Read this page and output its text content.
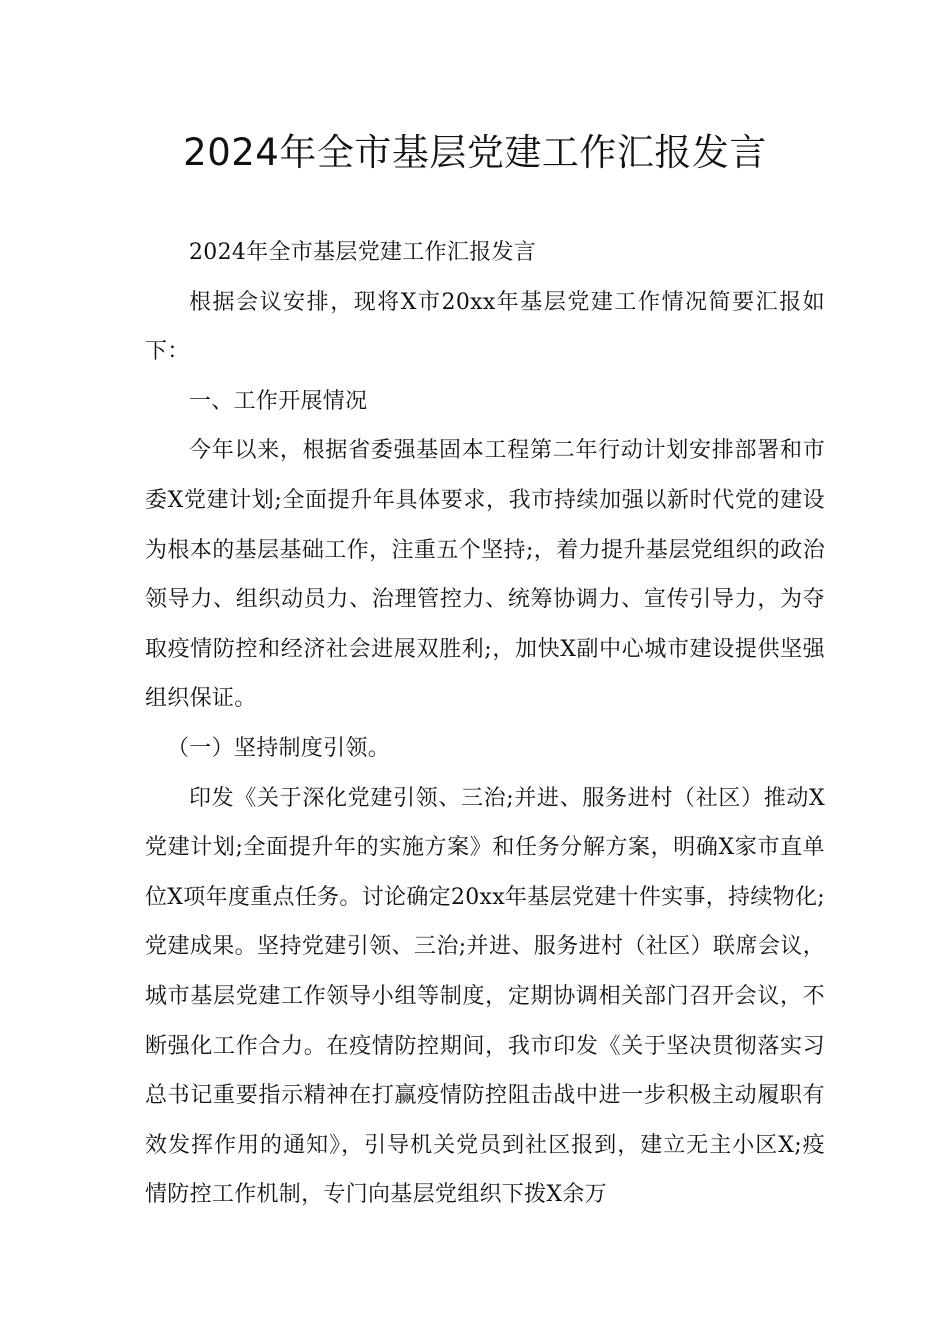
2024年全市基层党建工作汇报发言

2024年全市基层党建工作汇报发言

根据会议安排，现将X市20xx年基层党建工作情况简要汇报如下：

一、工作开展情况

今年以来，根据省委强基固本工程第二年行动计划安排部署和市委X党建计划;全面提升年具体要求，我市持续加强以新时代党的建设为根本的基层基础工作，注重五个坚持;，着力提升基层党组织的政治领导力、组织动员力、治理管控力、统筹协调力、宣传引导力，为夺取疫情防控和经济社会进展双胜利;，加快X副中心城市建设提供坚强组织保证。

（一）坚持制度引领。

印发《关于深化党建引领、三治;并进、服务进村（社区）推动X党建计划;全面提升年的实施方案》和任务分解方案，明确X家市直单位X项年度重点任务。讨论确定20xx年基层党建十件实事，持续物化;党建成果。坚持党建引领、三治;并进、服务进村（社区）联席会议，城市基层党建工作领导小组等制度，定期协调相关部门召开会议，不断强化工作合力。在疫情防控期间，我市印发《关于坚决贯彻落实习总书记重要指示精神在打赢疫情防控阻击战中进一步积极主动履职有效发挥作用的通知》，引导机关党员到社区报到，建立无主小区X;疫情防控工作机制，专门向基层党组织下拨X余万
